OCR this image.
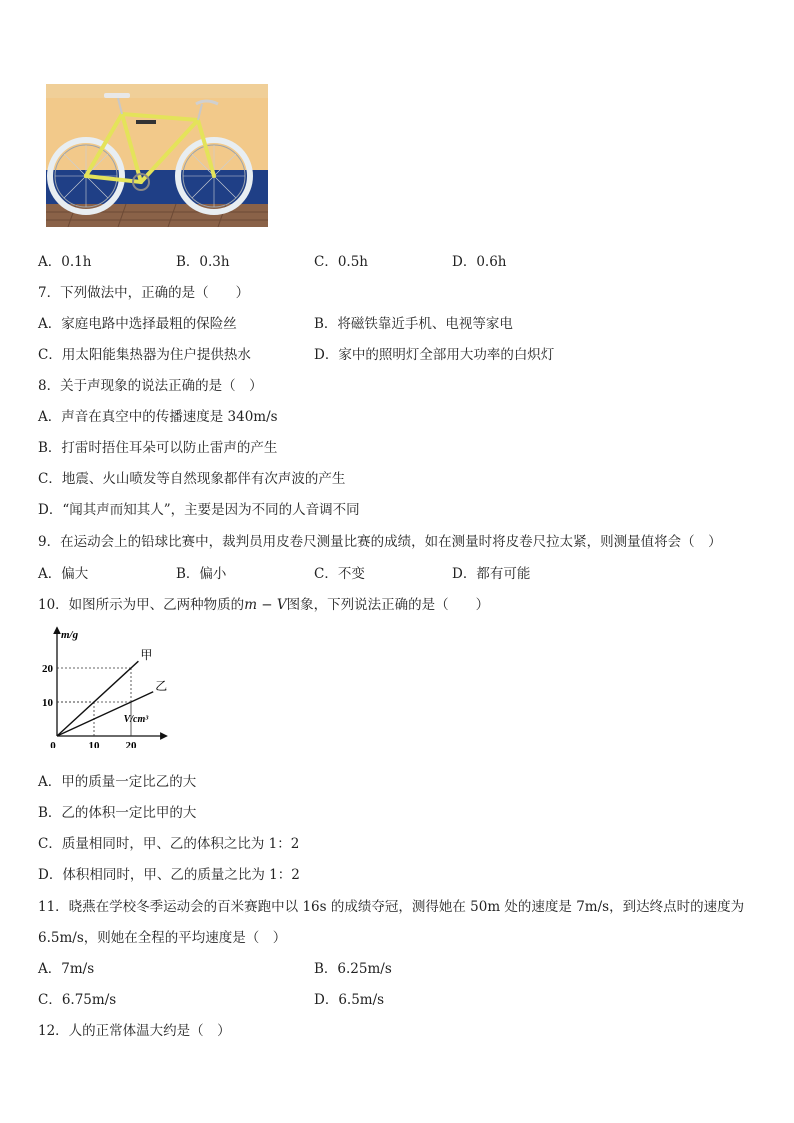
A．0.1h	B．0.3h	C．0.5h	D．0.6h
7．下列做法中，正确的是（　　）
A．家庭电路中选择最粗的保险丝	B．将磁铁靠近手机、电视等家电
C．用太阳能集热器为住户提供热水	D．家中的照明灯全部用大功率的白炽灯
8．关于声现象的说法正确的是（　）
A．声音在真空中的传播速度是 340m/s
B．打雷时捂住耳朵可以防止雷声的产生
C．地震、火山喷发等自然现象都伴有次声波的产生
D．“闻其声而知其人”，主要是因为不同的人音调不同
9．在运动会上的铅球比赛中，裁判员用皮卷尺测量比赛的成绩，如在测量时将皮卷尺拉太紧，则测量值将会（　）
A．偏大	B．偏小	C．不变	D．都有可能
10．如图所示为甲、乙两种物质的m − V图象，下列说法正确的是（　　）
m/g
V/cm³
0	10 20
10
20
甲
乙
A．甲的质量一定比乙的大
B．乙的体积一定比甲的大
C．质量相同时，甲、乙的体积之比为 1：2
D．体积相同时，甲、乙的质量之比为 1：2
11．晓燕在学校冬季运动会的百米赛跑中以 16s 的成绩夺冠，测得她在 50m 处的速度是 7m/s，到达终点时的速度为
6.5m/s，则她在全程的平均速度是（　）
A．7m/s	B．6.25m/s
C．6.75m/s	D．6.5m/s
12．人的正常体温大约是（　）
